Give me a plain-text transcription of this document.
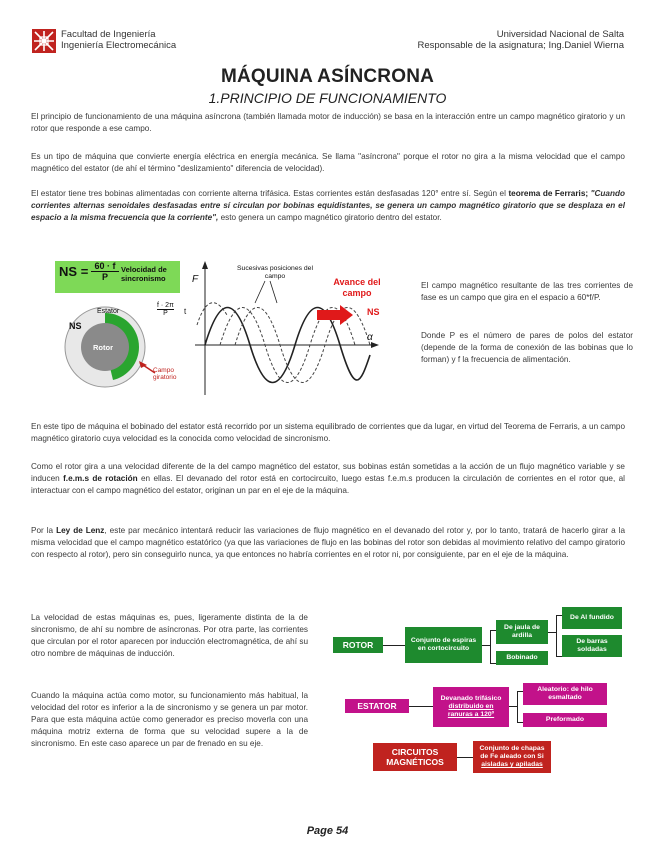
Facultad de Ingeniería
Ingeniería Electromecánica
Universidad Nacional de Salta
Responsable de la asignatura; Ing.Daniel Wierna
MÁQUINA ASÍNCRONA
1.PRINCIPIO DE FUNCIONAMIENTO
El principio de funcionamiento de una máquina asíncrona (también llamada motor de inducción) se basa en la interacción entre un campo magnético giratorio y un rotor que responde a ese campo.
Es un tipo de máquina que convierte energía eléctrica en energía mecánica. Se llama "asíncrona" porque el rotor no gira a la misma velocidad que el campo magnético del estator (de ahí el término "deslizamiento" diferencia de velocidad).
El estator tiene tres bobinas alimentadas con corriente alterna trifásica. Estas corrientes están desfasadas 120° entre sí. Según el teorema de Ferraris; "Cuando corrientes alternas senoidales desfasadas entre sí circulan por bobinas equidistantes, se genera un campo magnético giratorio que se desplaza en el espacio a la misma frecuencia que la corriente", esto genera un campo magnético giratorio dentro del estator.
NS = 60 · f
P
Velocidad de sincronismo
Estator
NS
Rotor
Campo giratorio
f · 2π
P	t
F
α
Sucesivas posiciones del campo
Avance del campo
NS
El campo magnético resultante de las tres corrientes de fase es un campo que gira en el espacio a 60*f/P.
Donde P es el número de pares de polos del estator (depende de la forma de conexión de las bobinas que lo forman) y f la frecuencia de alimentación.
En este tipo de máquina el bobinado del estator está recorrido por un sistema equilibrado de corrientes que da lugar, en virtud del Teorema de Ferraris, a un campo magnético giratorio cuya velocidad es la conocida como velocidad de sincronismo.
Como el rotor gira a una velocidad diferente de la del campo magnético del estator, sus bobinas están sometidas a la acción de un flujo magnético variable y se inducen f.e.m.s de rotación en ellas. El devanado del rotor está en cortocircuito, luego estas f.e.m.s producen la circulación de corrientes en el rotor que, al interactuar con el campo magnético del estator, originan un par en el eje de la máquina.
Por la Ley de Lenz, este par mecánico intentará reducir las variaciones de flujo magnético en el devanado del rotor y, por lo tanto, tratará de hacerlo girar a la misma velocidad que el campo magnético estatórico (ya que las variaciones de flujo en las bobinas del rotor son debidas al movimiento relativo del campo giratorio con respecto al rotor), pero sin conseguirlo nunca, ya que entonces no habría corrientes en el rotor ni, por consiguiente, par en el eje de la máquina.
La velocidad de estas máquinas es, pues, ligeramente distinta de la de sincronismo, de ahí su nombre de asíncronas. Por otra parte, las corrientes que circulan por el rotor aparecen por inducción electromagnética, de ahí su otro nombre de máquinas de inducción.
Cuando la máquina actúa como motor, su funcionamiento más habitual, la velocidad del rotor es inferior a la de sincronismo y se genera un par motor. Para que esta máquina actúe como generador es preciso moverla con una máquina motriz externa de forma que su velocidad supere a la de sincronismo. En este caso aparece un par de frenado en su eje.
ROTOR	Conjunto de espiras en cortocircuito
De jaula de ardilla
Bobinado
De Al fundido
De barras soldadas
ESTATOR
Devanado trifásico
distribuido en ranuras a 120º
Aleatorio: de hilo esmaltado
Preformado
CIRCUITOS MAGNÉTICOS
Conjunto de chapas de Fe aleado con Si
aisladas y apiladas
Page 54
